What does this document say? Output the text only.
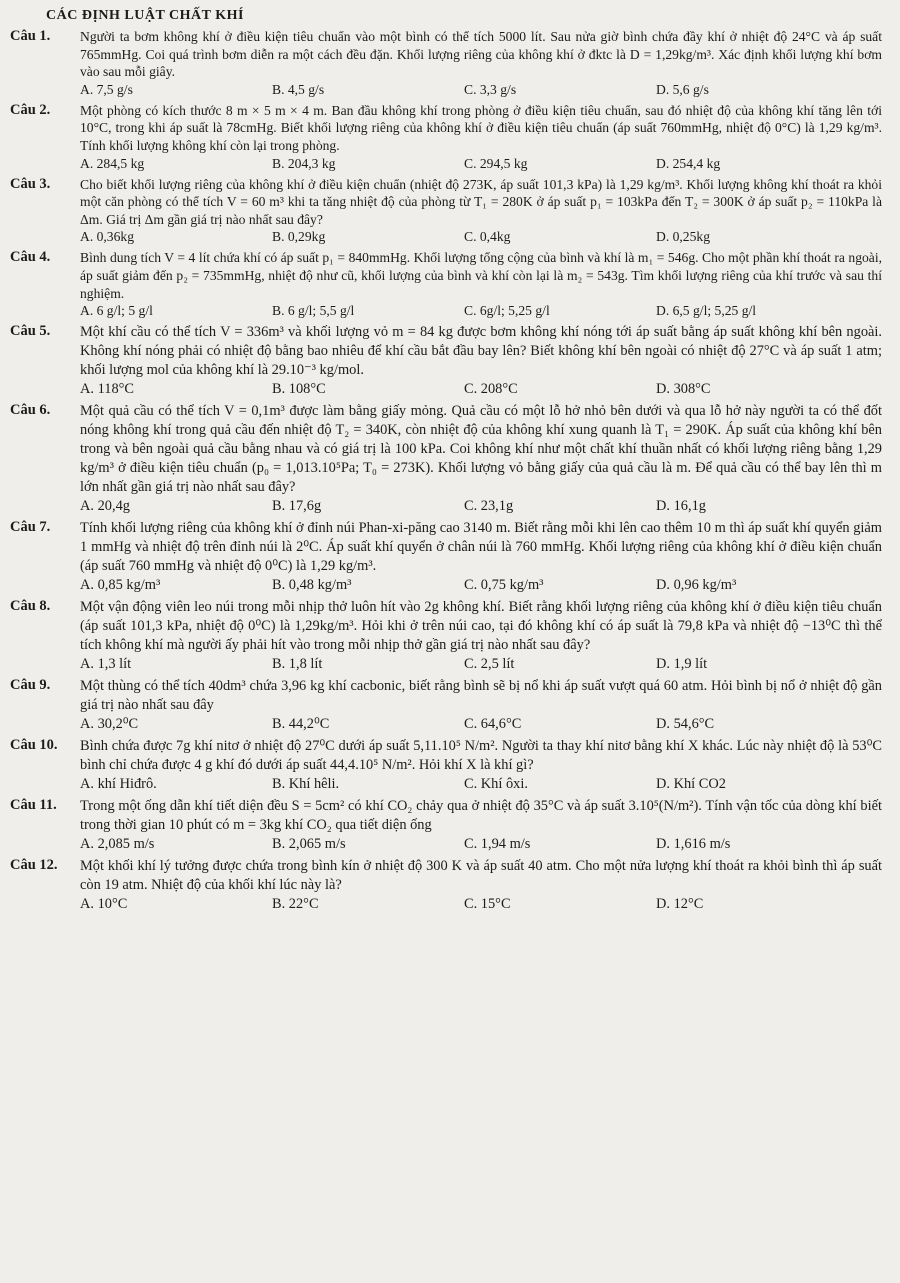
CÁC ĐỊNH LUẬT CHẤT KHÍ
Câu 1.	Người ta bơm không khí ở điều kiện tiêu chuẩn vào một bình có thể tích 5000 lít. Sau nửa giờ bình chứa đầy khí ở nhiệt độ 24°C và áp suất 765mmHg. Coi quá trình bơm diễn ra một cách đều đặn. Khối lượng riêng của không khí ở đktc là D = 1,29kg/m³. Xác định khối lượng khí bơm vào sau mỗi giây.
A. 7,5 g/s	B. 4,5 g/s	C. 3,3 g/s	D. 5,6 g/s
Câu 2.	Một phòng có kích thước 8 m × 5 m × 4 m. Ban đầu không khí trong phòng ở điều kiện tiêu chuẩn, sau đó nhiệt độ của không khí tăng lên tới 10°C, trong khi áp suất là 78cmHg. Biết khối lượng riêng của không khí ở điều kiện tiêu chuẩn (áp suất 760mmHg, nhiệt độ 0°C) là 1,29 kg/m³. Tính khối lượng không khí còn lại trong phòng.
A. 284,5 kg	B. 204,3 kg	C. 294,5 kg	D. 254,4 kg
Câu 3.	Cho biết khối lượng riêng của không khí ở điều kiện chuẩn (nhiệt độ 273K, áp suất 101,3 kPa) là 1,29 kg/m³. Khối lượng không khí thoát ra khỏi một căn phòng có thể tích V = 60 m³ khi ta tăng nhiệt độ của phòng từ T₁ = 280K ở áp suất p₁ = 103kPa đến T₂ = 300K ở áp suất p₂ = 110kPa là Δm. Giá trị Δm gần giá trị nào nhất sau đây?
A. 0,36kg	B. 0,29kg	C. 0,4kg	D. 0,25kg
Câu 4.	Bình dung tích V = 4 lít chứa khí có áp suất p₁ = 840mmHg. Khối lượng tổng cộng của bình và khí là m₁ = 546g. Cho một phần khí thoát ra ngoài, áp suất giảm đến p₂ = 735mmHg, nhiệt độ như cũ, khối lượng của bình và khí còn lại là m₂ = 543g. Tìm khối lượng riêng của khí trước và sau thí nghiệm.
A. 6 g/l; 5 g/l	B. 6 g/l; 5,5 g/l	C. 6g/l; 5,25 g/l	D. 6,5 g/l; 5,25 g/l
Câu 5.	Một khí cầu có thể tích V = 336m³ và khối lượng vỏ m = 84 kg được bơm không khí nóng tới áp suất bằng áp suất không khí bên ngoài. Không khí nóng phải có nhiệt độ bằng bao nhiêu để khí cầu bắt đầu bay lên? Biết không khí bên ngoài có nhiệt độ 27°C và áp suất 1 atm; khối lượng mol của không khí là 29.10⁻³ kg/mol.
A. 118°C	B. 108°C	C. 208°C	D. 308°C
Câu 6.	Một quả cầu có thể tích V = 0,1m³ được làm bằng giấy mỏng. Quả cầu có một lỗ hở nhỏ bên dưới và qua lỗ hở này người ta có thể đốt nóng không khí trong quả cầu đến nhiệt độ T₂ = 340K, còn nhiệt độ của không khí xung quanh là T₁ = 290K. Áp suất của không khí bên trong và bên ngoài quả cầu bằng nhau và có giá trị là 100 kPa. Coi không khí như một chất khí thuần nhất có khối lượng riêng bằng 1,29 kg/m³ ở điều kiện tiêu chuẩn (p₀ = 1,013.10⁵Pa; T₀ = 273K). Khối lượng vỏ bằng giấy của quả cầu là m. Để quả cầu có thể bay lên thì m lớn nhất gần giá trị nào nhất sau đây?
A. 20,4g	B. 17,6g	C. 23,1g	D. 16,1g
Câu 7.	Tính khối lượng riêng của không khí ở đỉnh núi Phan-xi-păng cao 3140 m. Biết rằng mỗi khi lên cao thêm 10 m thì áp suất khí quyển giảm 1 mmHg và nhiệt độ trên đỉnh núi là 2⁰C. Áp suất khí quyển ở chân núi là 760 mmHg. Khối lượng riêng của không khí ở điều kiện chuẩn (áp suất 760 mmHg và nhiệt độ 0⁰C) là 1,29 kg/m³.
A. 0,85 kg/m³	B. 0,48 kg/m³	C. 0,75 kg/m³	D. 0,96 kg/m³
Câu 8.	Một vận động viên leo núi trong mỗi nhịp thở luôn hít vào 2g không khí. Biết rằng khối lượng riêng của không khí ở điều kiện tiêu chuẩn (áp suất 101,3 kPa, nhiệt độ 0⁰C) là 1,29kg/m³. Hỏi khi ở trên núi cao, tại đó không khí có áp suất là 79,8 kPa và nhiệt độ −13⁰C thì thể tích không khí mà người ấy phải hít vào trong mỗi nhịp thở gần giá trị nào nhất sau đây?
A. 1,3 lít	B. 1,8 lít	C. 2,5 lít	D. 1,9 lít
Câu 9.	Một thùng có thể tích 40dm³ chứa 3,96 kg khí cacbonic, biết rằng bình sẽ bị nổ khi áp suất vượt quá 60 atm. Hỏi bình bị nổ ở nhiệt độ gần giá trị nào nhất sau đây
A. 30,2⁰C	B. 44,2⁰C	C. 64,6°C	D. 54,6°C
Câu 10.	Bình chứa được 7g khí nitơ ở nhiệt độ 27⁰C dưới áp suất 5,11.10⁵ N/m². Người ta thay khí nitơ bằng khí X khác. Lúc này nhiệt độ là 53⁰C bình chỉ chứa được 4 g khí đó dưới áp suất 44,4.10⁵ N/m². Hỏi khí X là khí gì?
A. khí Hiđrô.	B. Khí hêli.	C. Khí ôxi.	D. Khí CO2
Câu 11.	Trong một ống dẫn khí tiết diện đều S = 5cm² có khí CO₂ chảy qua ở nhiệt độ 35°C và áp suất 3.10⁵(N/m²). Tính vận tốc của dòng khí biết trong thời gian 10 phút có m = 3kg khí CO₂ qua tiết diện ống
A. 2,085 m/s	B. 2,065 m/s	C. 1,94 m/s	D. 1,616 m/s
Câu 12.	Một khối khí lý tưởng được chứa trong bình kín ở nhiệt độ 300 K và áp suất 40 atm. Cho một nửa lượng khí thoát ra khỏi bình thì áp suất còn 19 atm. Nhiệt độ của khối khí lúc này là?
A. 10°C	B. 22°C	C. 15°C	D. 12°C
